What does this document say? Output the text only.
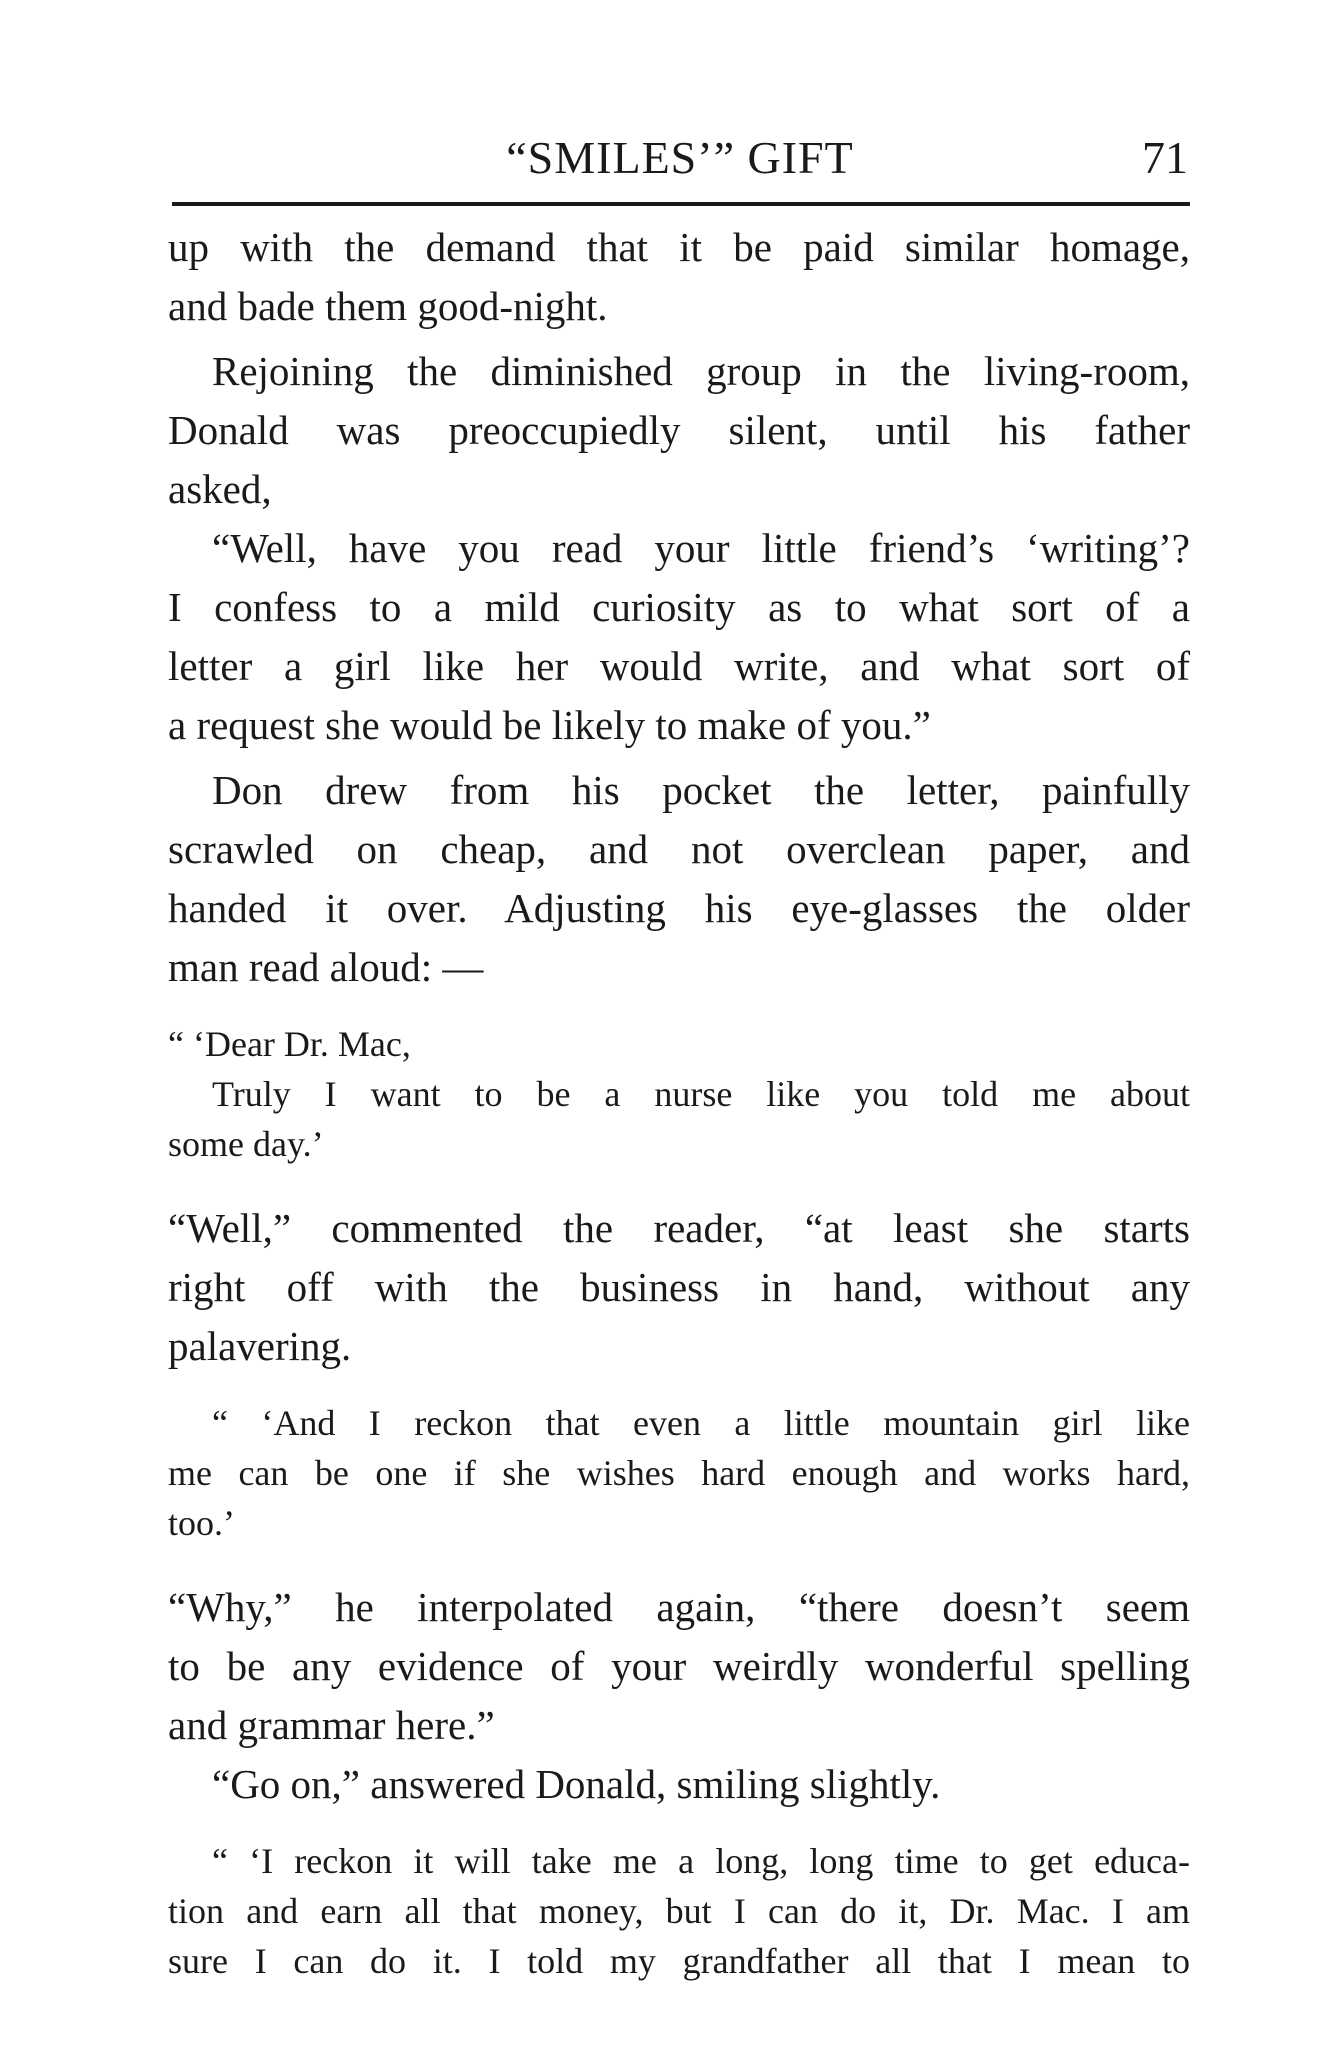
“SMILES’” GIFT	71
up with the demand that it be paid similar homage,
and bade them good-night.
Rejoining the diminished group in the living-room,
Donald was preoccupiedly silent, until his father
asked,
“Well, have you read your little friend’s ‘writing’?
I confess to a mild curiosity as to what sort of a
letter a girl like her would write, and what sort of
a request she would be likely to make of you.”
Don drew from his pocket the letter, painfully
scrawled on cheap, and not overclean paper, and
handed it over. Adjusting his eye-glasses the older
man read aloud: —
“ ‘Dear Dr. Mac,
Truly I want to be a nurse like you told me about
some day.’
“Well,” commented the reader, “at least she starts
right off with the business in hand, without any
palavering.
“ ‘And I reckon that even a little mountain girl like
me can be one if she wishes hard enough and works hard,
too.’
“Why,” he interpolated again, “there doesn’t seem
to be any evidence of your weirdly wonderful spelling
and grammar here.”
“Go on,” answered Donald, smiling slightly.
“ ‘I reckon it will take me a long, long time to get educa-
tion and earn all that money, but I can do it, Dr. Mac. I am
sure I can do it. I told my grandfather all that I mean to
